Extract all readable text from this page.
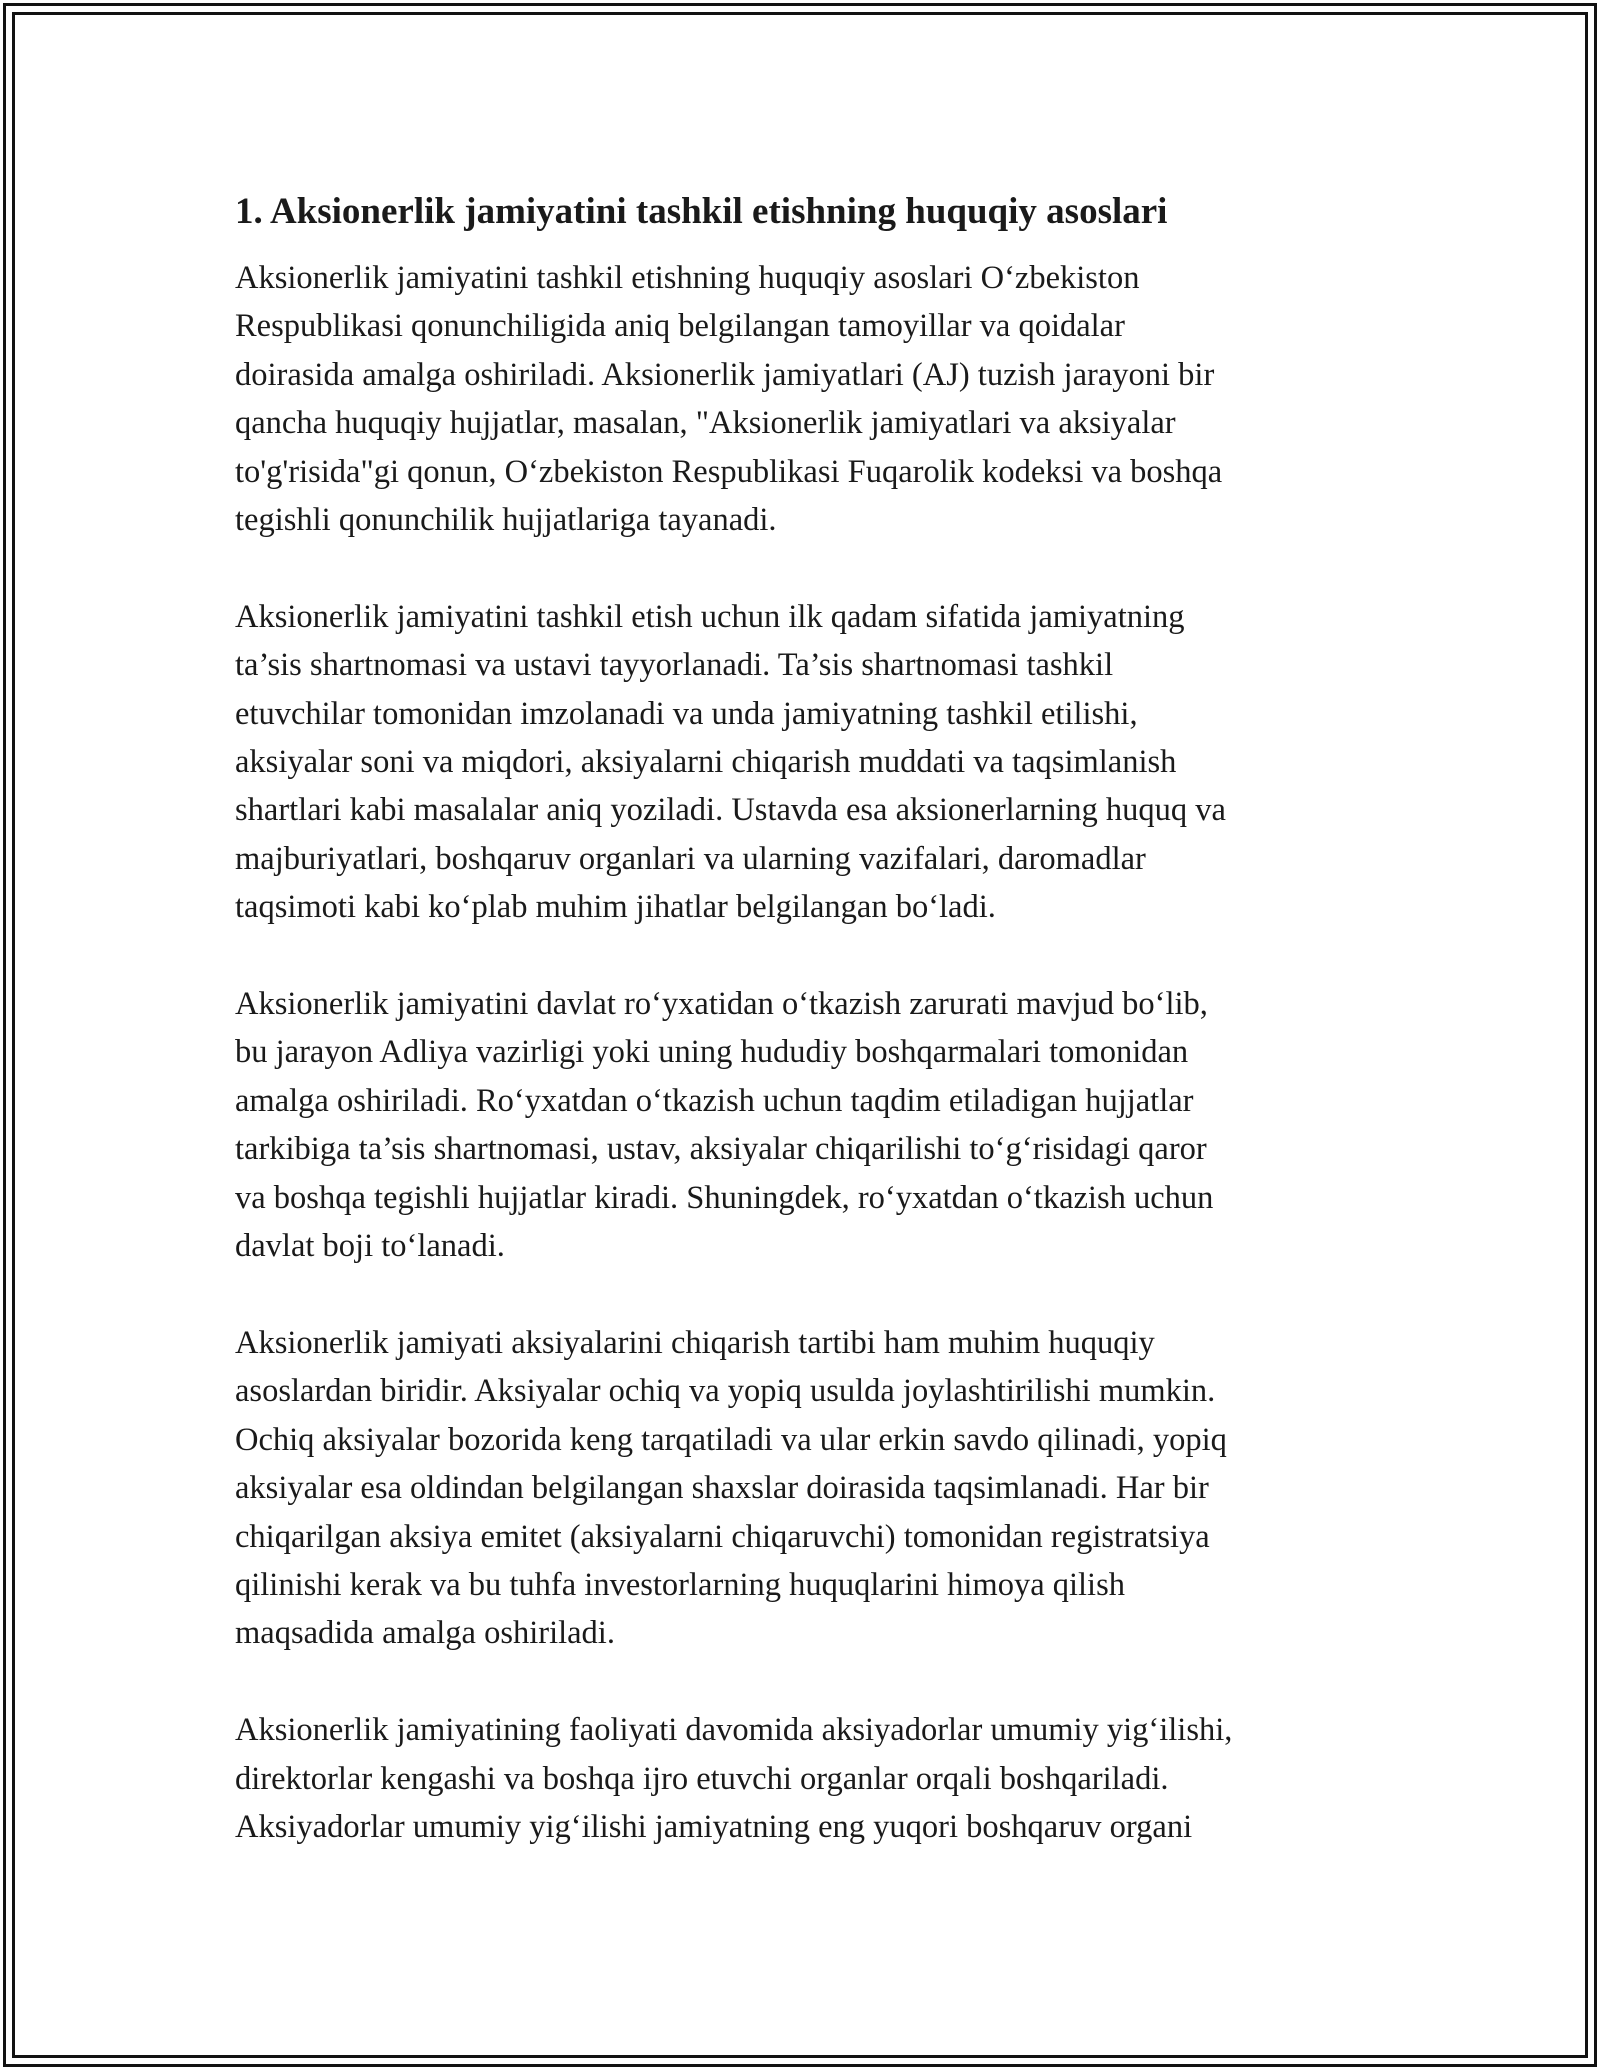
1. Aksionerlik jamiyatini tashkil etishning huquqiy asoslari

Aksionerlik jamiyatini tashkil etishning huquqiy asoslari O‘zbekiston
Respublikasi qonunchiligida aniq belgilangan tamoyillar va qoidalar
doirasida amalga oshiriladi. Aksionerlik jamiyatlari (AJ) tuzish jarayoni bir
qancha huquqiy hujjatlar, masalan, "Aksionerlik jamiyatlari va aksiyalar
to'g'risida"gi qonun, O‘zbekiston Respublikasi Fuqarolik kodeksi va boshqa
tegishli qonunchilik hujjatlariga tayanadi.

Aksionerlik jamiyatini tashkil etish uchun ilk qadam sifatida jamiyatning
ta’sis shartnomasi va ustavi tayyorlanadi. Ta’sis shartnomasi tashkil
etuvchilar tomonidan imzolanadi va unda jamiyatning tashkil etilishi,
aksiyalar soni va miqdori, aksiyalarni chiqarish muddati va taqsimlanish
shartlari kabi masalalar aniq yoziladi. Ustavda esa aksionerlarning huquq va
majburiyatlari, boshqaruv organlari va ularning vazifalari, daromadlar
taqsimoti kabi ko‘plab muhim jihatlar belgilangan bo‘ladi.

Aksionerlik jamiyatini davlat ro‘yxatidan o‘tkazish zarurati mavjud bo‘lib,
bu jarayon Adliya vazirligi yoki uning hududiy boshqarmalari tomonidan
amalga oshiriladi. Ro‘yxatdan o‘tkazish uchun taqdim etiladigan hujjatlar
tarkibiga ta’sis shartnomasi, ustav, aksiyalar chiqarilishi to‘g‘risidagi qaror
va boshqa tegishli hujjatlar kiradi. Shuningdek, ro‘yxatdan o‘tkazish uchun
davlat boji to‘lanadi.

Aksionerlik jamiyati aksiyalarini chiqarish tartibi ham muhim huquqiy
asoslardan biridir. Aksiyalar ochiq va yopiq usulda joylashtirilishi mumkin.
Ochiq aksiyalar bozorida keng tarqatiladi va ular erkin savdo qilinadi, yopiq
aksiyalar esa oldindan belgilangan shaxslar doirasida taqsimlanadi. Har bir
chiqarilgan aksiya emitet (aksiyalarni chiqaruvchi) tomonidan registratsiya
qilinishi kerak va bu tuhfa investorlarning huquqlarini himoya qilish
maqsadida amalga oshiriladi.

Aksionerlik jamiyatining faoliyati davomida aksiyadorlar umumiy yig‘ilishi,
direktorlar kengashi va boshqa ijro etuvchi organlar orqali boshqariladi.
Aksiyadorlar umumiy yig‘ilishi jamiyatning eng yuqori boshqaruv organi
